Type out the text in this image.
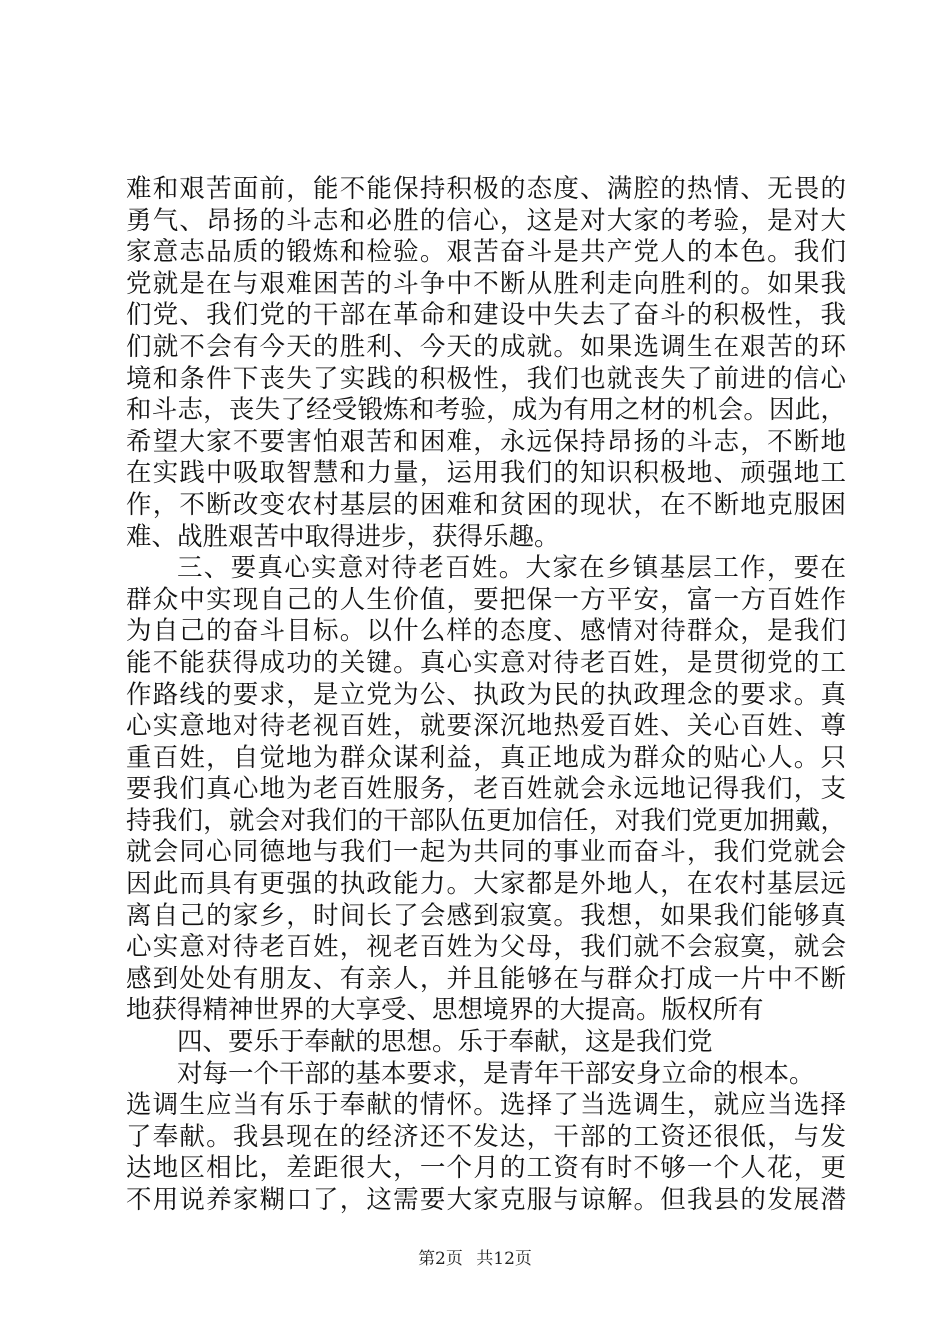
难和艰苦面前，能不能保持积极的态度、满腔的热情、无畏的
勇气、昂扬的斗志和必胜的信心，这是对大家的考验，是对大
家意志品质的锻炼和检验。艰苦奋斗是共产党人的本色。我们
党就是在与艰难困苦的斗争中不断从胜利走向胜利的。如果我
们党、我们党的干部在革命和建设中失去了奋斗的积极性，我
们就不会有今天的胜利、今天的成就。如果选调生在艰苦的环
境和条件下丧失了实践的积极性，我们也就丧失了前进的信心
和斗志，丧失了经受锻炼和考验，成为有用之材的机会。因此，
希望大家不要害怕艰苦和困难，永远保持昂扬的斗志，不断地
在实践中吸取智慧和力量，运用我们的知识积极地、顽强地工
作，不断改变农村基层的困难和贫困的现状，在不断地克服困
难、战胜艰苦中取得进步，获得乐趣。
三、要真心实意对待老百姓。大家在乡镇基层工作，要在
群众中实现自己的人生价值，要把保一方平安，富一方百姓作
为自己的奋斗目标。以什么样的态度、感情对待群众，是我们
能不能获得成功的关键。真心实意对待老百姓，是贯彻党的工
作路线的要求，是立党为公、执政为民的执政理念的要求。真
心实意地对待老视百姓，就要深沉地热爱百姓、关心百姓、尊
重百姓，自觉地为群众谋利益，真正地成为群众的贴心人。只
要我们真心地为老百姓服务，老百姓就会永远地记得我们，支
持我们，就会对我们的干部队伍更加信任，对我们党更加拥戴，
就会同心同德地与我们一起为共同的事业而奋斗，我们党就会
因此而具有更强的执政能力。大家都是外地人，在农村基层远
离自己的家乡，时间长了会感到寂寞。我想，如果我们能够真
心实意对待老百姓，视老百姓为父母，我们就不会寂寞，就会
感到处处有朋友、有亲人，并且能够在与群众打成一片中不断
地获得精神世界的大享受、思想境界的大提高。版权所有
四、要乐于奉献的思想。乐于奉献，这是我们党
对每一个干部的基本要求，是青年干部安身立命的根本。
选调生应当有乐于奉献的情怀。选择了当选调生，就应当选择
了奉献。我县现在的经济还不发达，干部的工资还很低，与发
达地区相比，差距很大，一个月的工资有时不够一个人花，更
不用说养家糊口了，这需要大家克服与谅解。但我县的发展潜
第2页 共12页
